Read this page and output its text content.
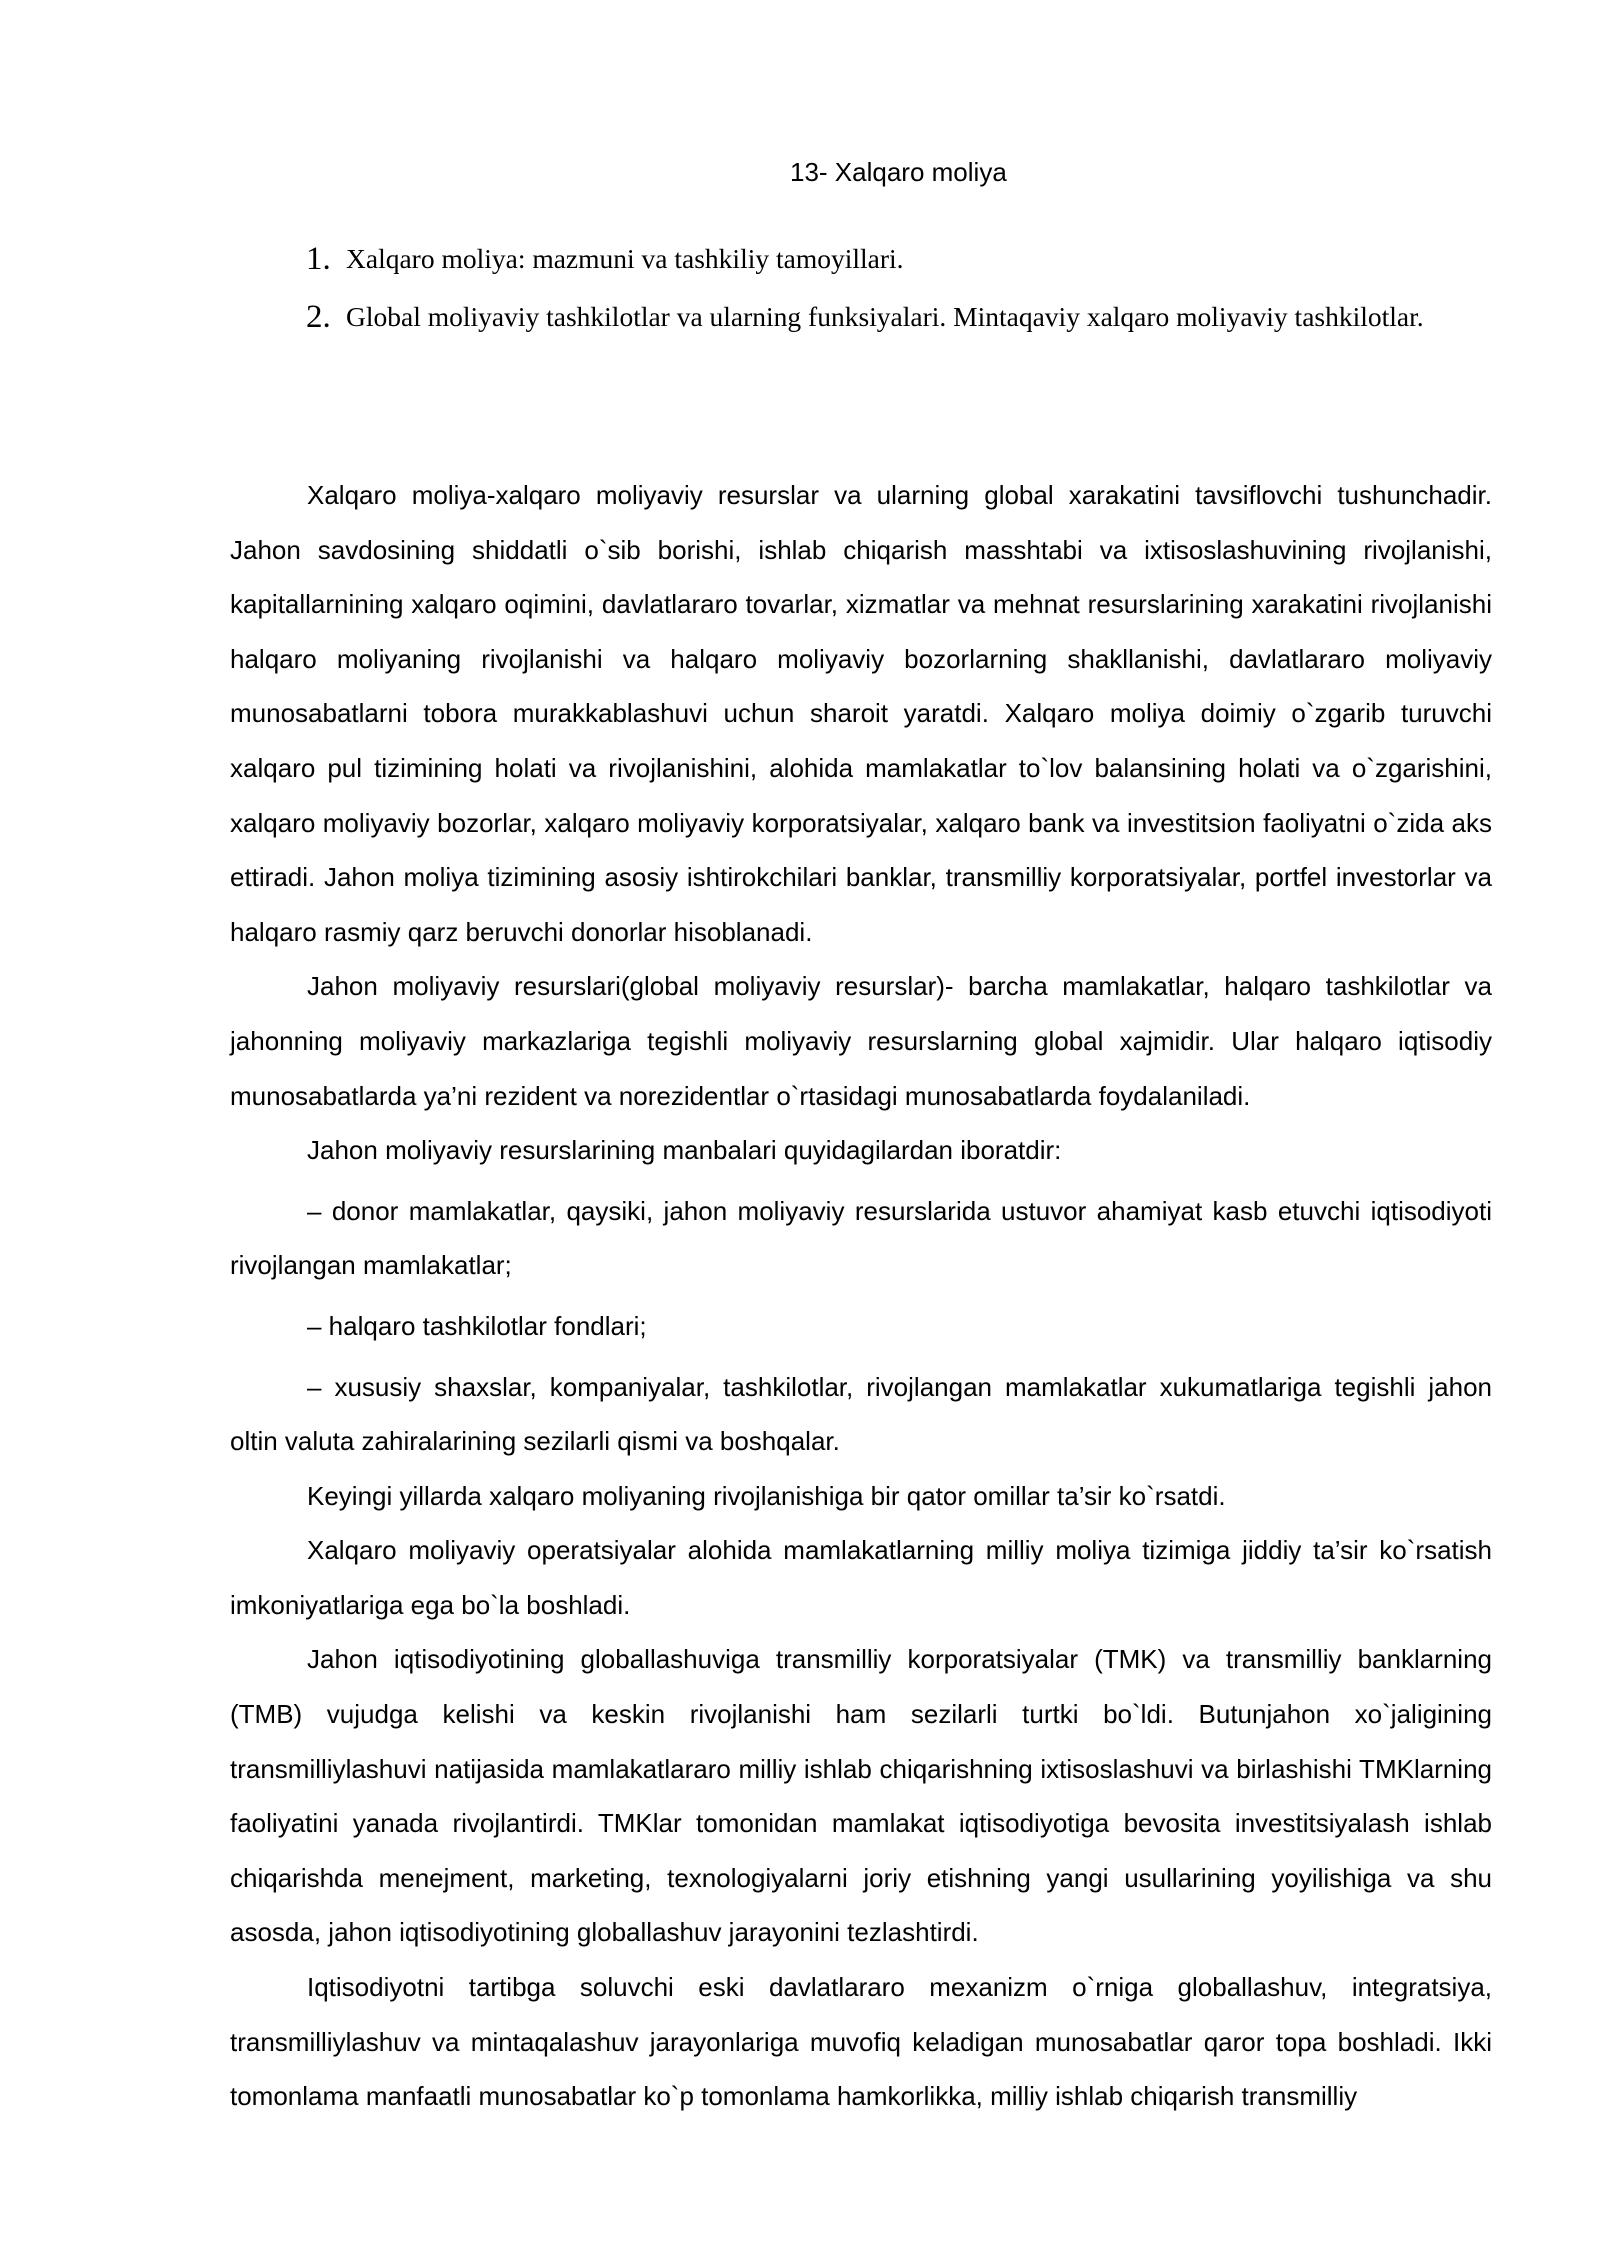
13- Xalqaro moliya
1. Xalqaro moliya: mazmuni va tashkiliy tamoyillari.
2. Global moliyaviy tashkilotlar va ularning funksiyalari. Mintaqaviy xalqaro moliyaviy tashkilotlar.

Xalqaro moliya-xalqaro moliyaviy resurslar va ularning global xarakatini tavsiflovchi tushunchadir. Jahon savdosining shiddatli o`sib borishi, ishlab chiqarish masshtabi va ixtisoslashuvining rivojlanishi, kapitallarnining xalqaro oqimini, davlatlararo tovarlar, xizmatlar va mehnat resurslarining xarakatini rivojlanishi halqaro moliyaning rivojlanishi va halqaro moliyaviy bozorlarning shakllanishi, davlatlararo moliyaviy munosabatlarni tobora murakkablashuvi uchun sharoit yaratdi. Xalqaro moliya doimiy o`zgarib turuvchi xalqaro pul tizimining holati va rivojlanishini, alohida mamlakatlar to`lov balansining holati va o`zgarishini, xalqaro moliyaviy bozorlar, xalqaro moliyaviy korporatsiyalar, xalqaro bank va investitsion faoliyatni o`zida aks ettiradi. Jahon moliya tizimining asosiy ishtirokchilari banklar, transmilliy korporatsiyalar, portfel investorlar va halqaro rasmiy qarz beruvchi donorlar hisoblanadi.

Jahon moliyaviy resurslari(global moliyaviy resurslar)- barcha mamlakatlar, halqaro tashkilotlar va jahonning moliyaviy markazlariga tegishli moliyaviy resurslarning global xajmidir. Ular halqaro iqtisodiy munosabatlarda ya’ni rezident va norezidentlar o`rtasidagi munosabatlarda foydalaniladi.

Jahon moliyaviy resurslarining manbalari quyidagilardan iboratdir:

– donor mamlakatlar, qaysiki, jahon moliyaviy resurslarida ustuvor ahamiyat kasb etuvchi iqtisodiyoti rivojlangan mamlakatlar;

– halqaro tashkilotlar fondlari;

– xususiy shaxslar, kompaniyalar, tashkilotlar, rivojlangan mamlakatlar xukumatlariga tegishli jahon oltin valuta zahiralarining sezilarli qismi va boshqalar.

Keyingi yillarda xalqaro moliyaning rivojlanishiga bir qator omillar ta’sir ko`rsatdi.

Xalqaro moliyaviy operatsiyalar alohida mamlakatlarning milliy moliya tizimiga jiddiy ta’sir ko`rsatish imkoniyatlariga ega bo`la boshladi.

Jahon iqtisodiyotining globallashuviga transmilliy korporatsiyalar (TMK) va transmilliy banklarning (TMB) vujudga kelishi va keskin rivojlanishi ham sezilarli turtki bo`ldi. Butunjahon xo`jaligining transmilliylashuvi natijasida mamlakatlararo milliy ishlab chiqarishning ixtisoslashuvi va birlashishi TMKlarning faoliyatini yanada rivojlantirdi. TMKlar tomonidan mamlakat iqtisodiyotiga bevosita investitsiyalash ishlab chiqarishda menejment, marketing, texnologiyalarni joriy etishning yangi usullarining yoyilishiga va shu asosda, jahon iqtisodiyotining globallashuv jarayonini tezlashtirdi.

Iqtisodiyotni tartibga soluvchi eski davlatlararo mexanizm o`rniga globallashuv, integratsiya, transmilliylashuv va mintaqalashuv jarayonlariga muvofiq keladigan munosabatlar qaror topa boshladi. Ikki tomonlama manfaatli munosabatlar ko`p tomonlama hamkorlikka, milliy ishlab chiqarish transmilliy
